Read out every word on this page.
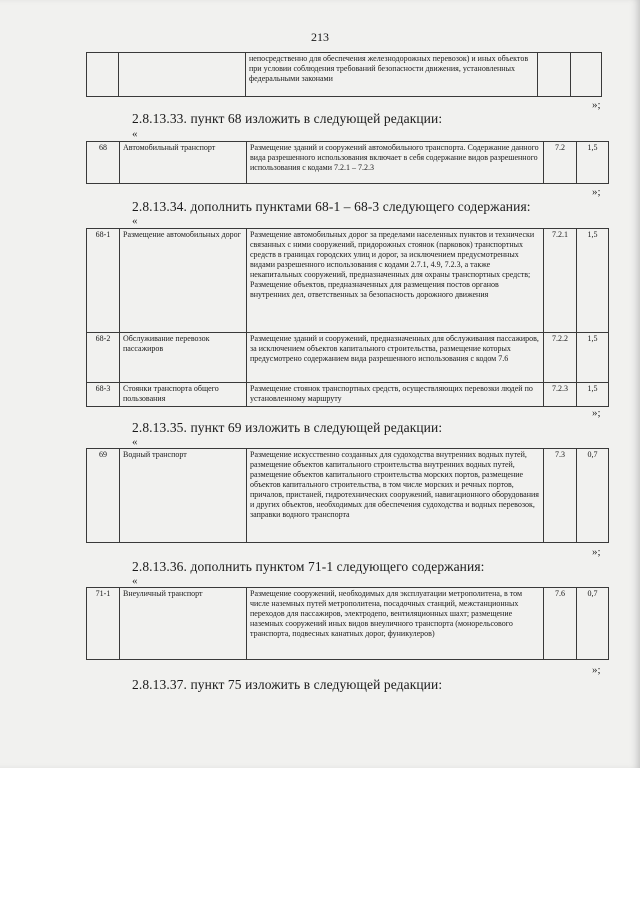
213
		непосредственно для обеспечения железнодорожных перевозок) и иных объектов при условии соблюдения требований безопасности движения, установленных федеральными законами		
»;
2.8.13.33. пункт 68 изложить в следующей редакции:
«
68	Автомобильный транспорт	Размещение зданий и сооружений автомобильного транспорта. Содержание данного вида разрешенного использования включает в себя содержание видов разрешенного использования с кодами 7.2.1 – 7.2.3	7.2	1,5
»;
2.8.13.34. дополнить пунктами 68-1 – 68-3 следующего содержания:
«
68-1	Размещение автомобильных дорог	Размещение автомобильных дорог за пределами населенных пунктов и технически связанных с ними сооружений, придорожных стоянок (парковок) транспортных средств в границах городских улиц и дорог, за исключением предусмотренных видами разрешенного использования с кодами 2.7.1, 4.9, 7.2.3, а также некапитальных сооружений, предназначенных для охраны транспортных средств; Размещение объектов, предназначенных для размещения постов органов внутренних дел, ответственных за безопасность дорожного движения	7.2.1	1,5
68-2	Обслуживание перевозок пассажиров	Размещение зданий и сооружений, предназначенных для обслуживания пассажиров, за исключением объектов капитального строительства, размещение которых предусмотрено содержанием вида разрешенного использования с кодом 7.6	7.2.2	1,5
68-3	Стоянки транспорта общего пользования	Размещение стоянок транспортных средств, осуществляющих перевозки людей по установленному маршруту	7.2.3	1,5
»;
2.8.13.35. пункт 69 изложить в следующей редакции:
«
69	Водный транспорт	Размещение искусственно созданных для судоходства внутренних водных путей, размещение объектов капитального строительства внутренних водных путей, размещение объектов капитального строительства морских портов, размещение объектов капитального строительства, в том числе морских и речных портов, причалов, пристаней, гидротехнических сооружений, навигационного оборудования и других объектов, необходимых для обеспечения судоходства и водных перевозок, заправки водного транспорта	7.3	0,7
»;
2.8.13.36. дополнить пунктом 71-1 следующего содержания:
«
71-1	Внеуличный транспорт	Размещение сооружений, необходимых для эксплуатации метрополитена, в том числе наземных путей метрополитена, посадочных станций, межстанционных переходов для пассажиров, электродепо, вентиляционных шахт; размещение наземных сооружений иных видов внеуличного транспорта (монорельсового транспорта, подвесных канатных дорог, фуникулеров)	7.6	0,7
»;
2.8.13.37. пункт 75 изложить в следующей редакции:
